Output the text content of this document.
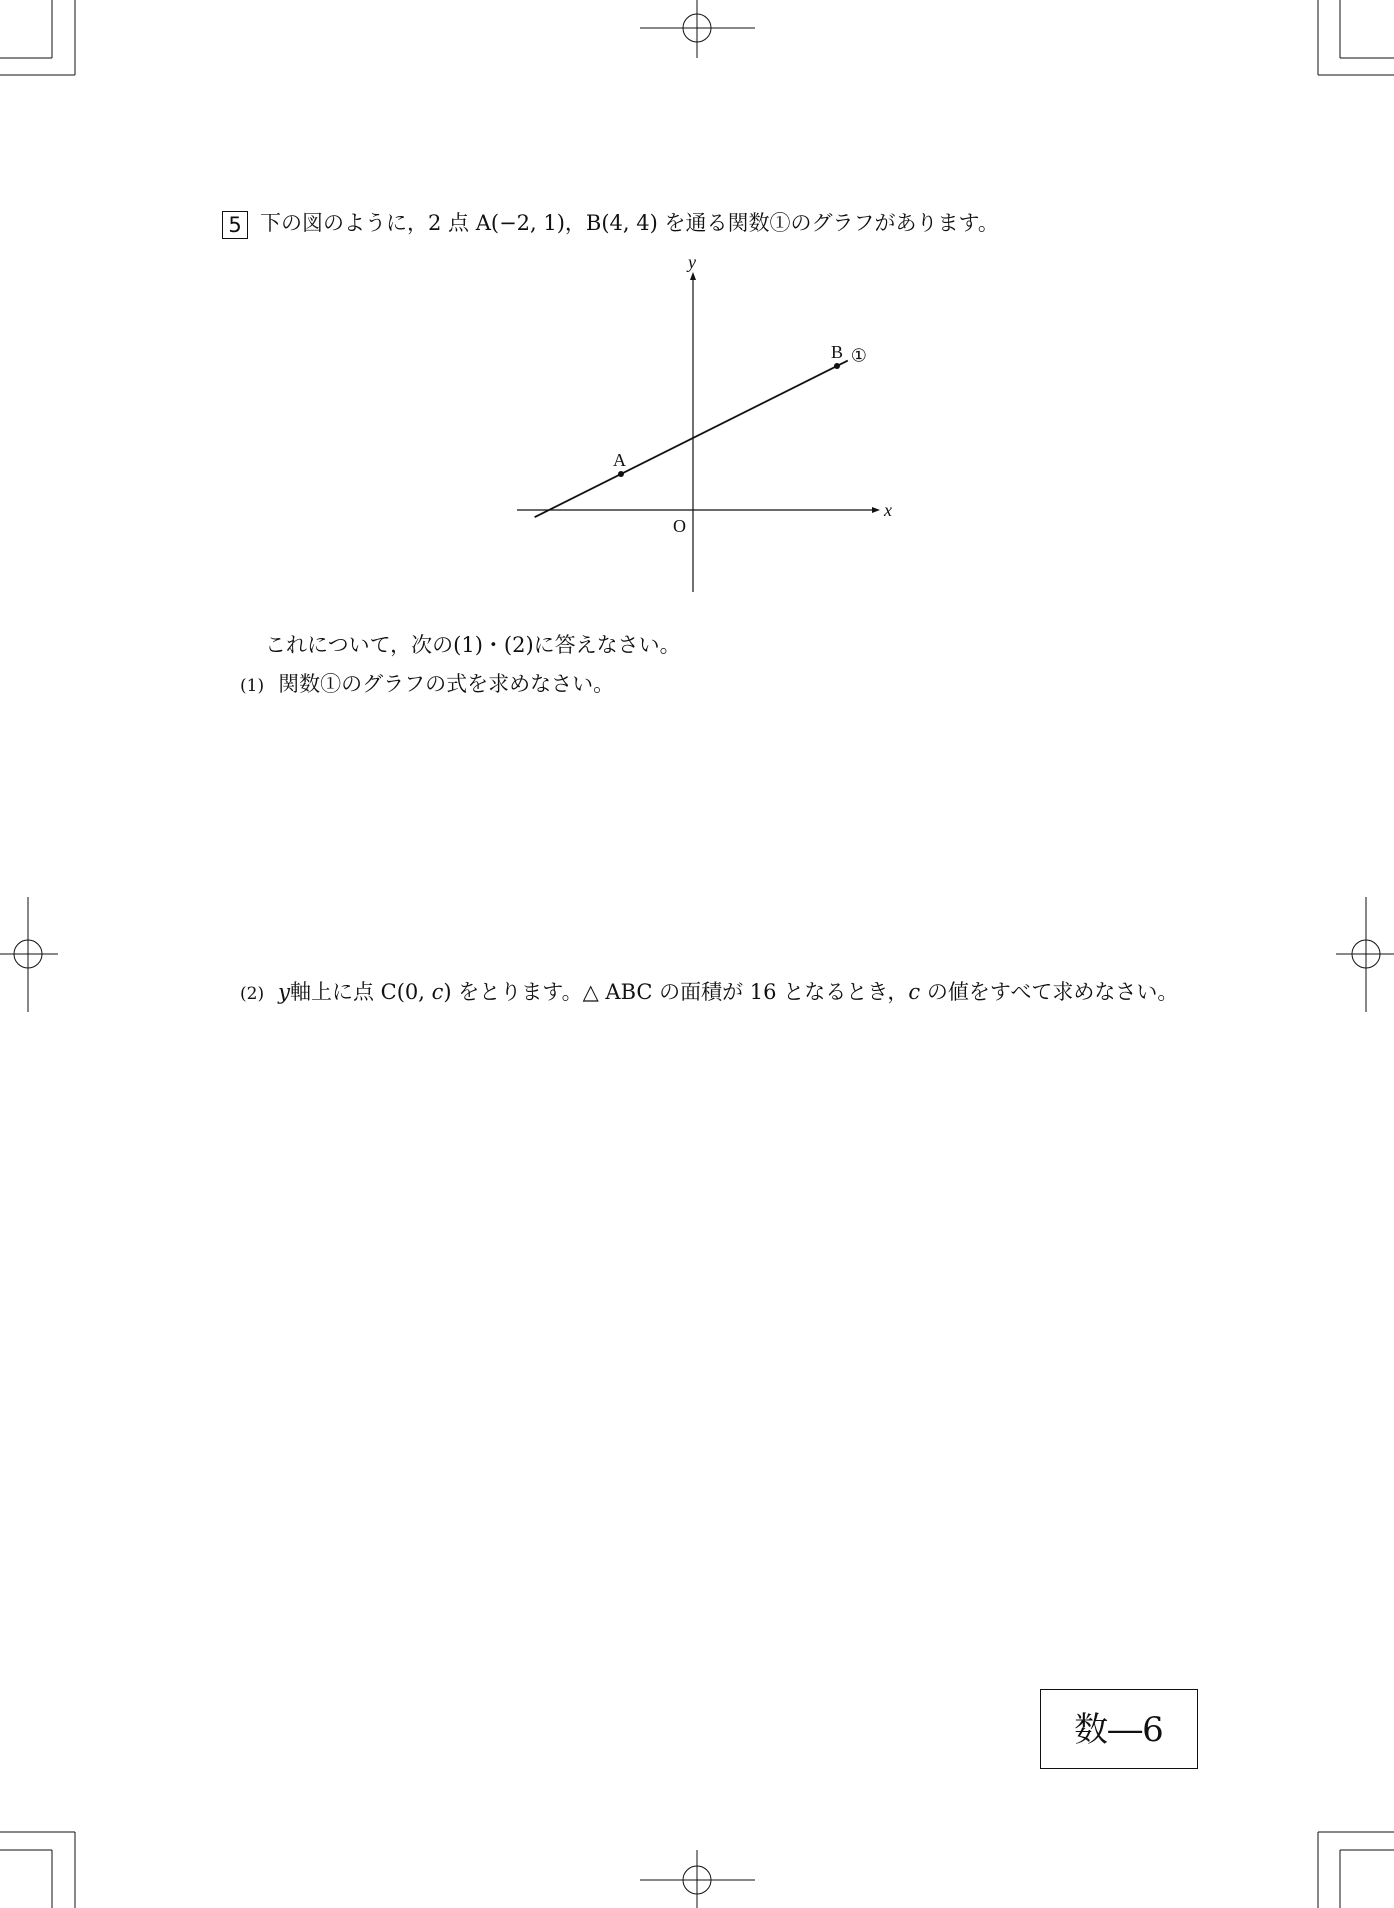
5 下の図のように，2 点 A(−2, 1)，B(4, 4) を通る関数①のグラフがあります。
x
y
O
A
B ①
これについて，次の(1)・(2)に答えなさい。
(1) 関数①のグラフの式を求めなさい。
(2) y軸上に点 C(0, c) をとります。△ ABC の面積が 16 となるとき，c の値をすべて求めなさい。
数―6
